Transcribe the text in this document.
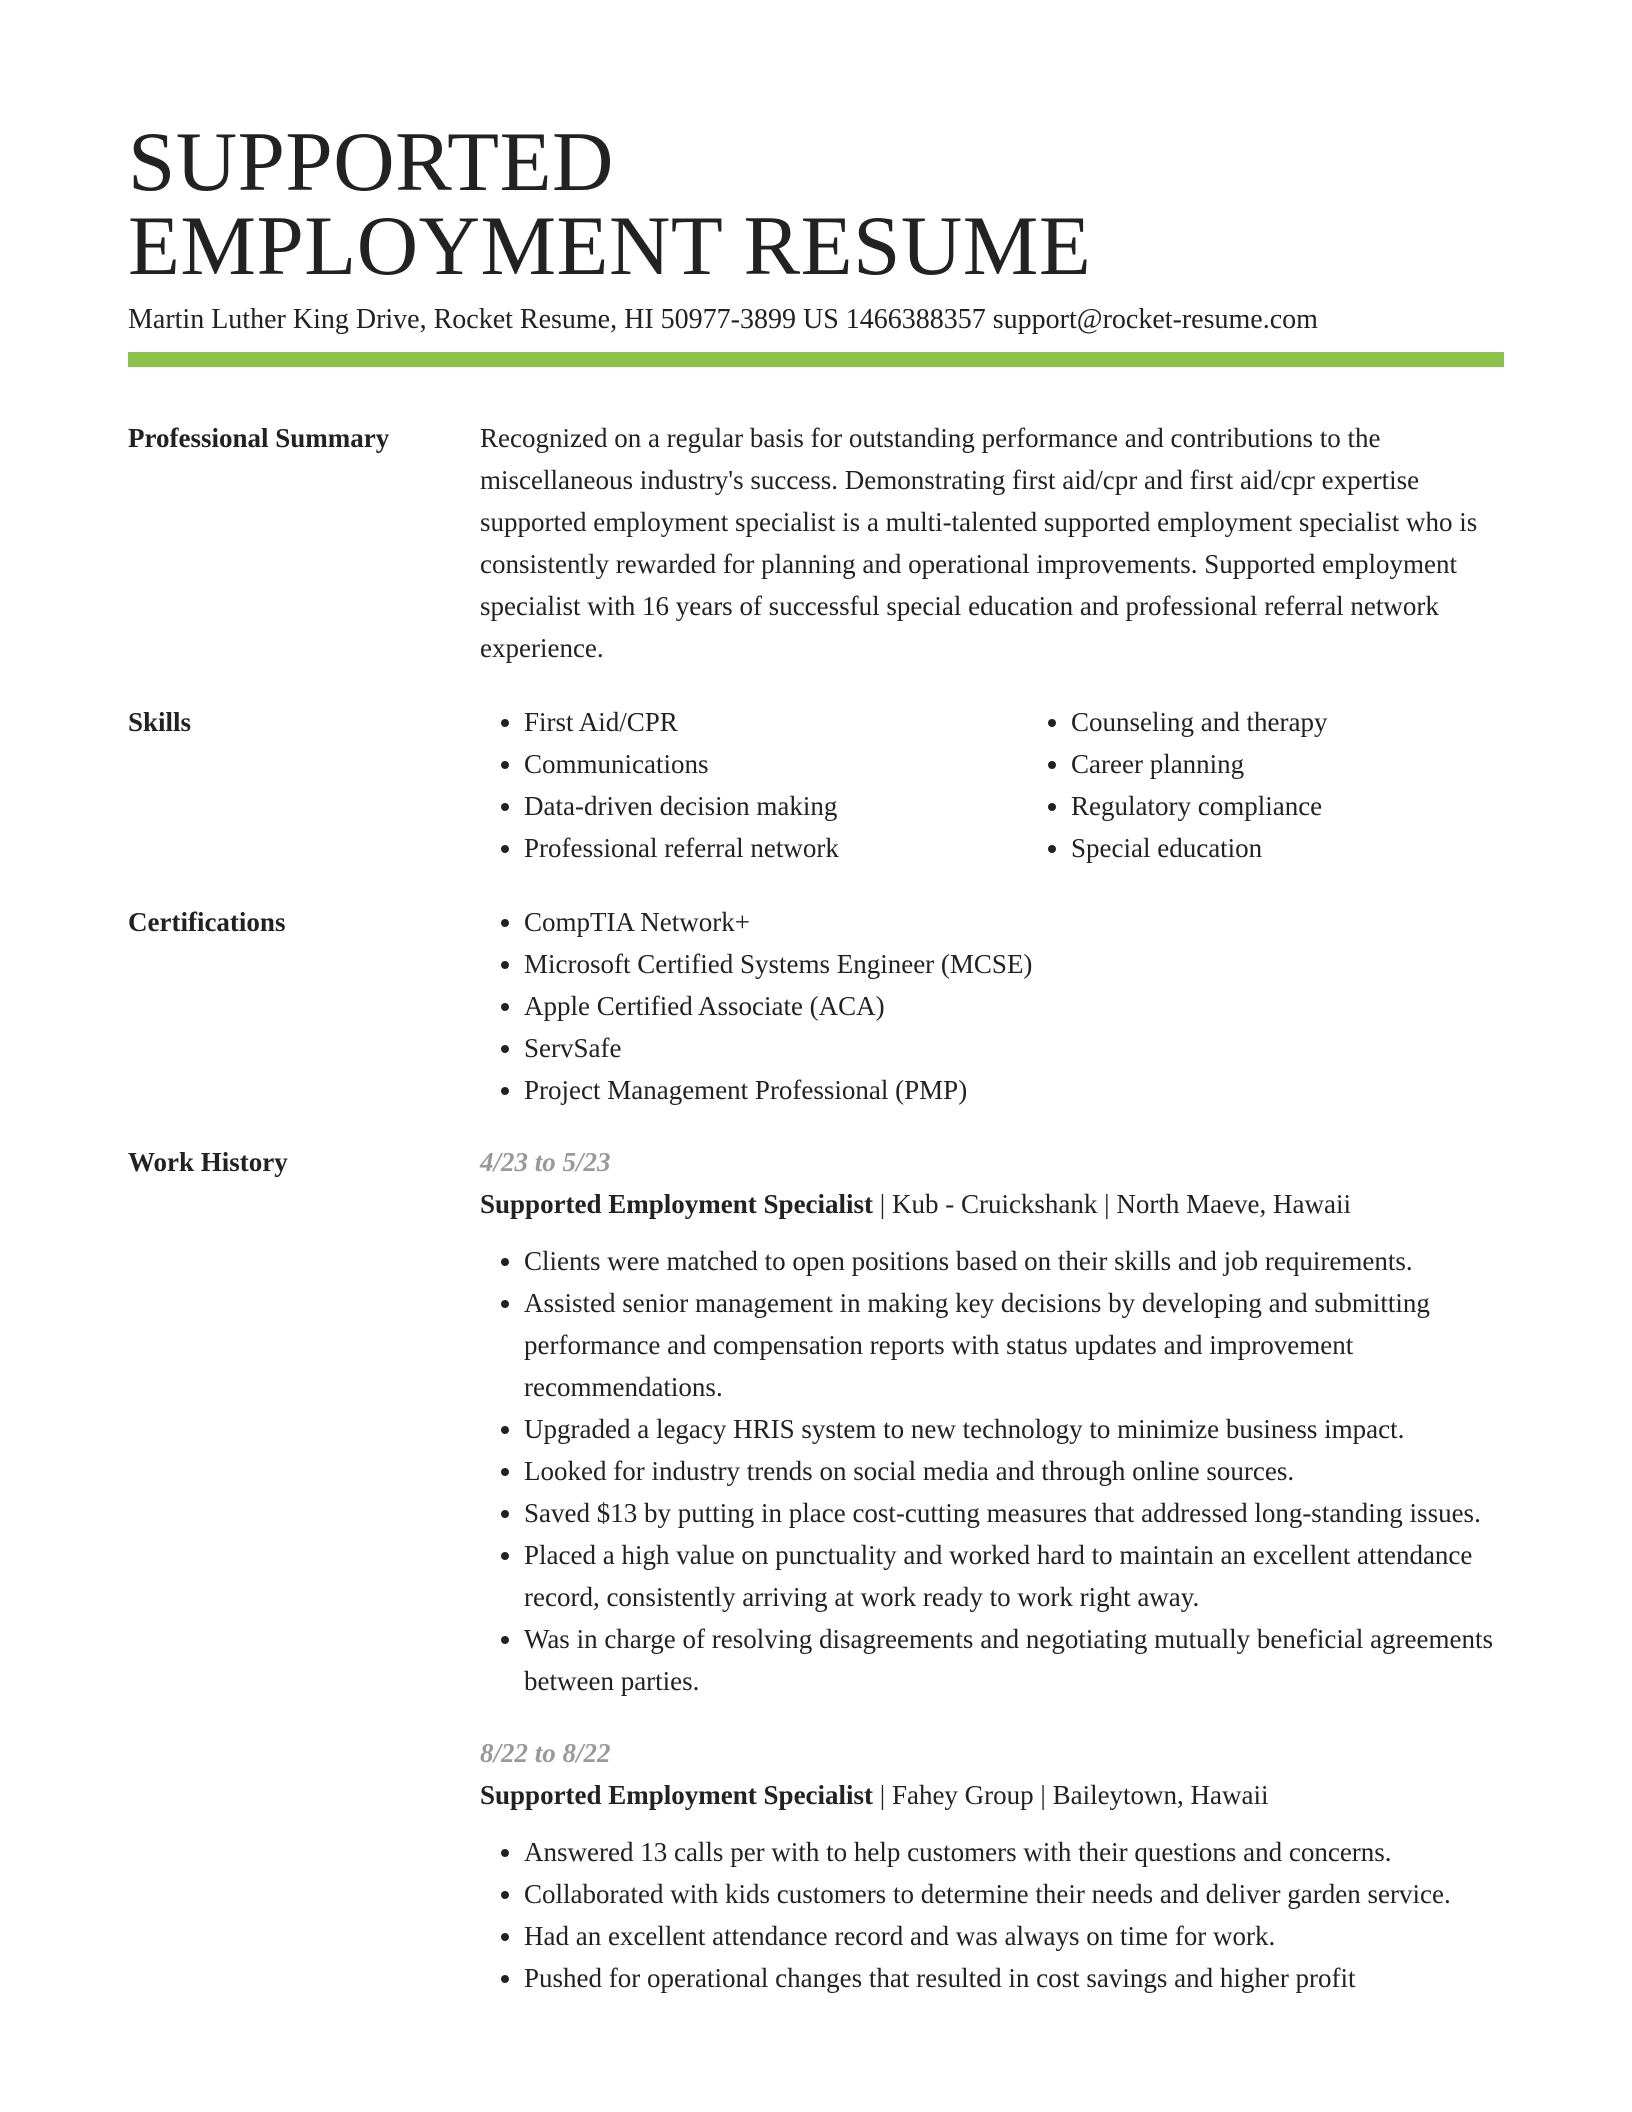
SUPPORTED
EMPLOYMENT RESUME
Martin Luther King Drive, Rocket Resume, HI 50977-3899 US 1466388357 support@rocket-resume.com
Professional Summary	Recognized on a regular basis for outstanding performance and contributions to the miscellaneous industry's success. Demonstrating first aid/cpr and first aid/cpr expertise supported employment specialist is a multi-talented supported employment specialist who is consistently rewarded for planning and operational improvements. Supported employment specialist with 16 years of successful special education and professional referral network experience.
Skills	• First Aid/CPR
• Communications
• Data-driven decision making
• Professional referral network
• Counseling and therapy
• Career planning
• Regulatory compliance
• Special education
Certifications	• CompTIA Network+
• Microsoft Certified Systems Engineer (MCSE)
• Apple Certified Associate (ACA)
• ServSafe
• Project Management Professional (PMP)
Work History	4/23 to 5/23
Supported Employment Specialist | Kub - Cruickshank | North Maeve, Hawaii
• Clients were matched to open positions based on their skills and job requirements.
• Assisted senior management in making key decisions by developing and submitting performance and compensation reports with status updates and improvement recommendations.
• Upgraded a legacy HRIS system to new technology to minimize business impact.
• Looked for industry trends on social media and through online sources.
• Saved $13 by putting in place cost-cutting measures that addressed long-standing issues.
• Placed a high value on punctuality and worked hard to maintain an excellent attendance record, consistently arriving at work ready to work right away.
• Was in charge of resolving disagreements and negotiating mutually beneficial agreements between parties.
8/22 to 8/22
Supported Employment Specialist | Fahey Group | Baileytown, Hawaii
• Answered 13 calls per with to help customers with their questions and concerns.
• Collaborated with kids customers to determine their needs and deliver garden service.
• Had an excellent attendance record and was always on time for work.
• Pushed for operational changes that resulted in cost savings and higher profit
